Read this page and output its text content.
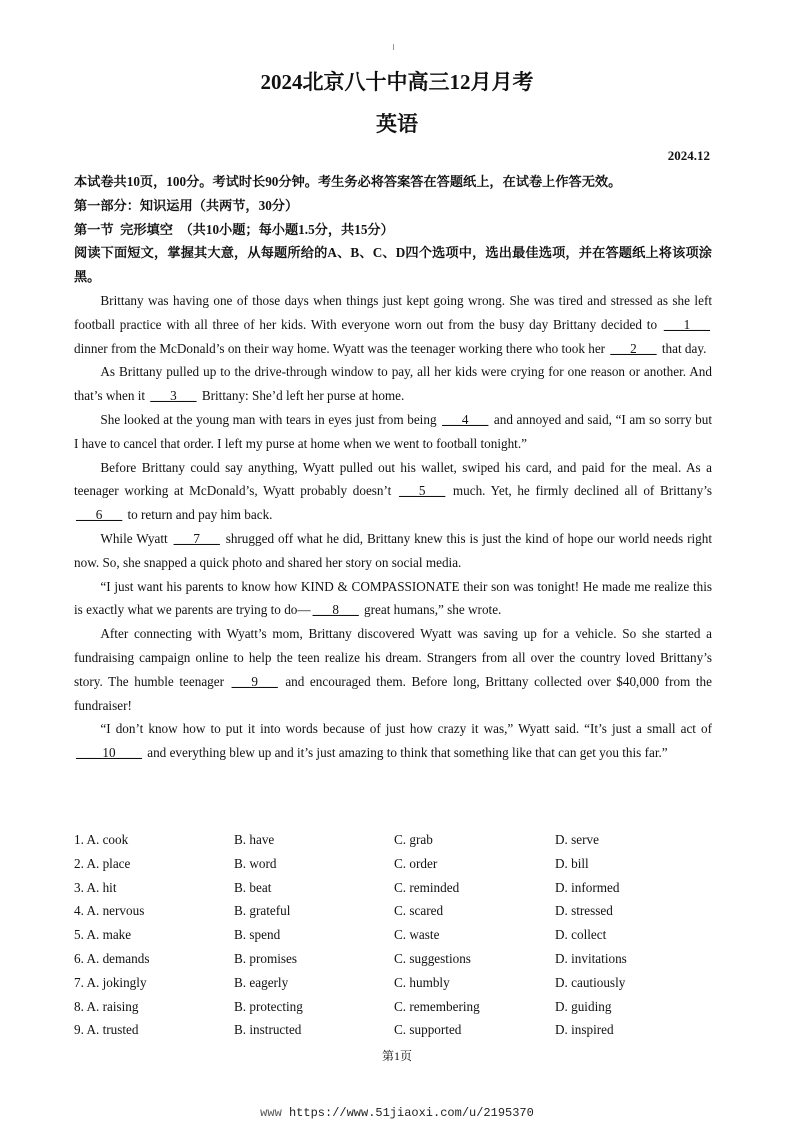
2024北京八十中高三12月月考
英语
2024.12

本试卷共10页，100分。考试时长90分钟。考生务必将答案答在答题纸上，在试卷上作答无效。

第一部分：知识运用（共两节，30分）

第一节  完形填空  （共10小题；每小题1.5分，共15分）

阅读下面短文，掌握其大意，从每题所给的A、B、C、D四个选项中，选出最佳选项，并在答题纸上将该项涂黑。

Brittany was having one of those days when things just kept going wrong. She was tired and stressed as she left football practice with all three of her kids. With everyone worn out from the busy day Brittany decided to ___1___ dinner from the McDonald’s on their way home. Wyatt was the teenager working there who took her ___2___ that day.

As Brittany pulled up to the drive-through window to pay, all her kids were crying for one reason or another. And that’s when it ___3___ Brittany: She’d left her purse at home.

She looked at the young man with tears in eyes just from being ___4___ and annoyed and said, “I am so sorry but I have to cancel that order. I left my purse at home when we went to football tonight.”

Before Brittany could say anything, Wyatt pulled out his wallet, swiped his card, and paid for the meal. As a teenager working at McDonald’s, Wyatt probably doesn’t ___5___ much. Yet, he firmly declined all of Brittany’s ___6___ to return and pay him back.

While Wyatt ___7___ shrugged off what he did, Brittany knew this is just the kind of hope our world needs right now. So, she snapped a quick photo and shared her story on social media.

“I just want his parents to know how KIND & COMPASSIONATE their son was tonight! He made me realize this is exactly what we parents are trying to do— ___8___ great humans,” she wrote.

After connecting with Wyatt’s mom, Brittany discovered Wyatt was saving up for a vehicle. So she started a fundraising campaign online to help the teen realize his dream. Strangers from all over the country loved Brittany’s story. The humble teenager ___9___ and encouraged them. Before long, Brittany collected over $40,000 from the fundraiser!

“I don’t know how to put it into words because of just how crazy it was,” Wyatt said. “It’s just a small act of ____10____ and everything blew up and it’s just amazing to think that something like that can get you this far.”

1. A. cook	B. have	C. grab	D. serve
2. A. place	B. word	C. order	D. bill
3. A. hit	B. beat	C. reminded	D. informed
4. A. nervous	B. grateful	C. scared	D. stressed
5. A. make	B. spend	C. waste	D. collect
6. A. demands	B. promises	C. suggestions	D. invitations
7. A. jokingly	B. eagerly	C. humbly	D. cautiously
8. A. raising	B. protecting	C. remembering	D. guiding
9. A. trusted	B. instructed	C. supported	D. inspired
第1页
www https://www.51jiaoxi.com/u/2195370
